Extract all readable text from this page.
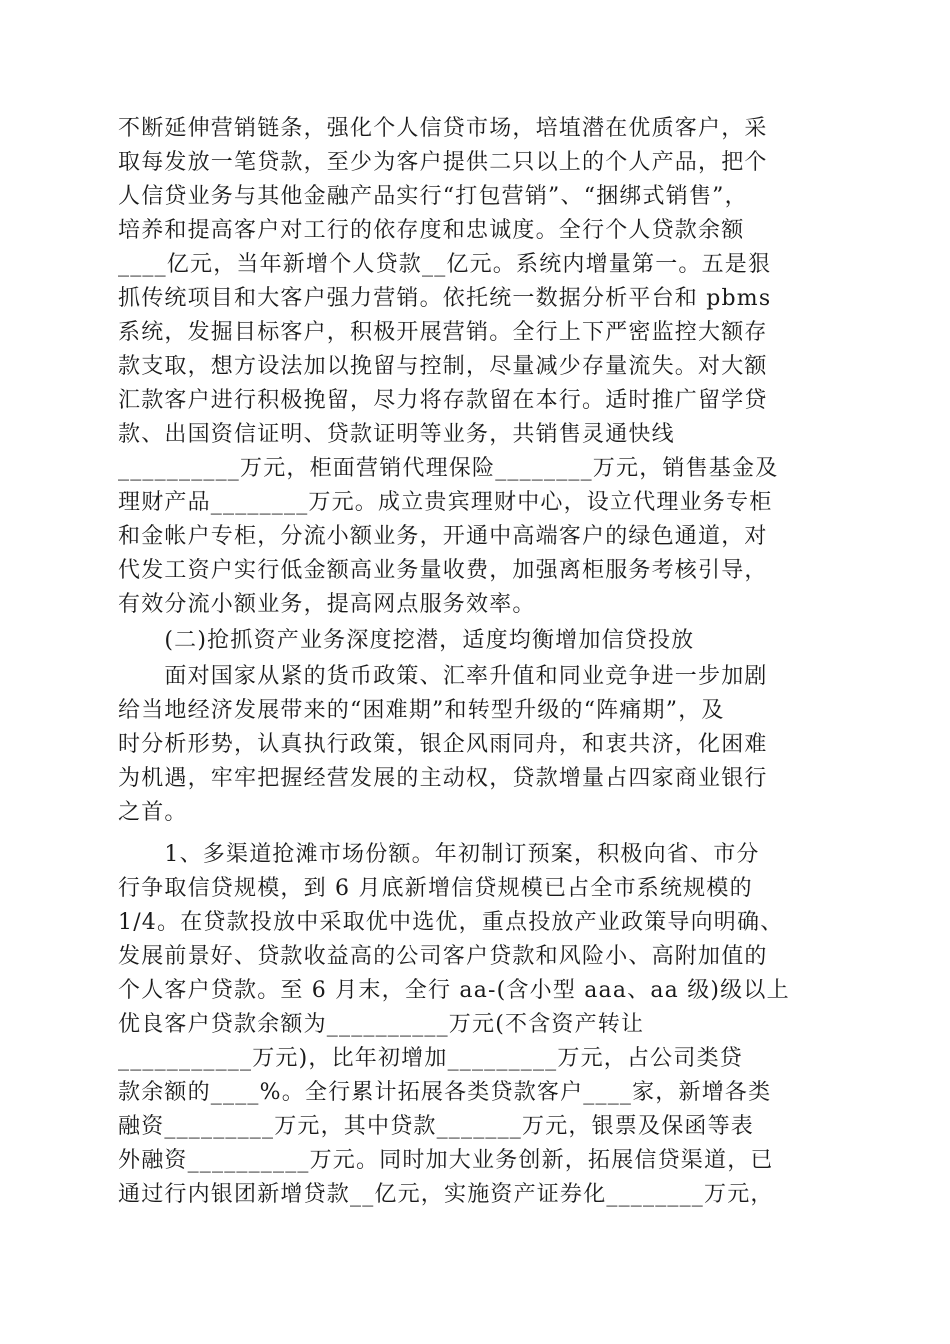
不断延伸营销链条，强化个人信贷市场，培埴潜在优质客户，采
取每发放一笔贷款，至少为客户提供二只以上的个人产品，把个
人信贷业务与其他金融产品实行“打包营销”、“捆绑式销售”，
培养和提高客户对工行的依存度和忠诚度。全行个人贷款余额
____亿元，当年新增个人贷款__亿元。系统内增量第一。五是狠
抓传统项目和大客户强力营销。依托统一数据分析平台和 pbms
系统，发掘目标客户，积极开展营销。全行上下严密监控大额存
款支取，想方设法加以挽留与控制，尽量减少存量流失。对大额
汇款客户进行积极挽留，尽力将存款留在本行。适时推广留学贷
款、出国资信证明、贷款证明等业务，共销售灵通快线
__________万元，柜面营销代理保险________万元，销售基金及
理财产品________万元。成立贵宾理财中心，设立代理业务专柜
和金帐户专柜，分流小额业务，开通中高端客户的绿色通道，对
代发工资户实行低金额高业务量收费，加强离柜服务考核引导，
有效分流小额业务，提高网点服务效率。

　　(二)抢抓资产业务深度挖潜，适度均衡增加信贷投放

　　面对国家从紧的货币政策、汇率升值和同业竞争进一步加剧
给当地经济发展带来的“困难期”和转型升级的“阵痛期”，及
时分析形势，认真执行政策，银企风雨同舟，和衷共济，化困难
为机遇，牢牢把握经营发展的主动权，贷款增量占四家商业银行
之首。

　　1、多渠道抢滩市场份额。年初制订预案，积极向省、市分
行争取信贷规模，到 6 月底新增信贷规模已占全市系统规模的
1/4。在贷款投放中采取优中选优，重点投放产业政策导向明确、
发展前景好、贷款收益高的公司客户贷款和风险小、高附加值的
个人客户贷款。至 6 月末，全行 aa-(含小型 aaa、aa 级)级以上
优良客户贷款余额为__________万元(不含资产转让
___________万元)，比年初增加_________万元，占公司类贷
款余额的____%。全行累计拓展各类贷款客户____家，新增各类
融资_________万元，其中贷款_______万元，银票及保函等表
外融资__________万元。同时加大业务创新，拓展信贷渠道，已
通过行内银团新增贷款__亿元，实施资产证券化________万元，
